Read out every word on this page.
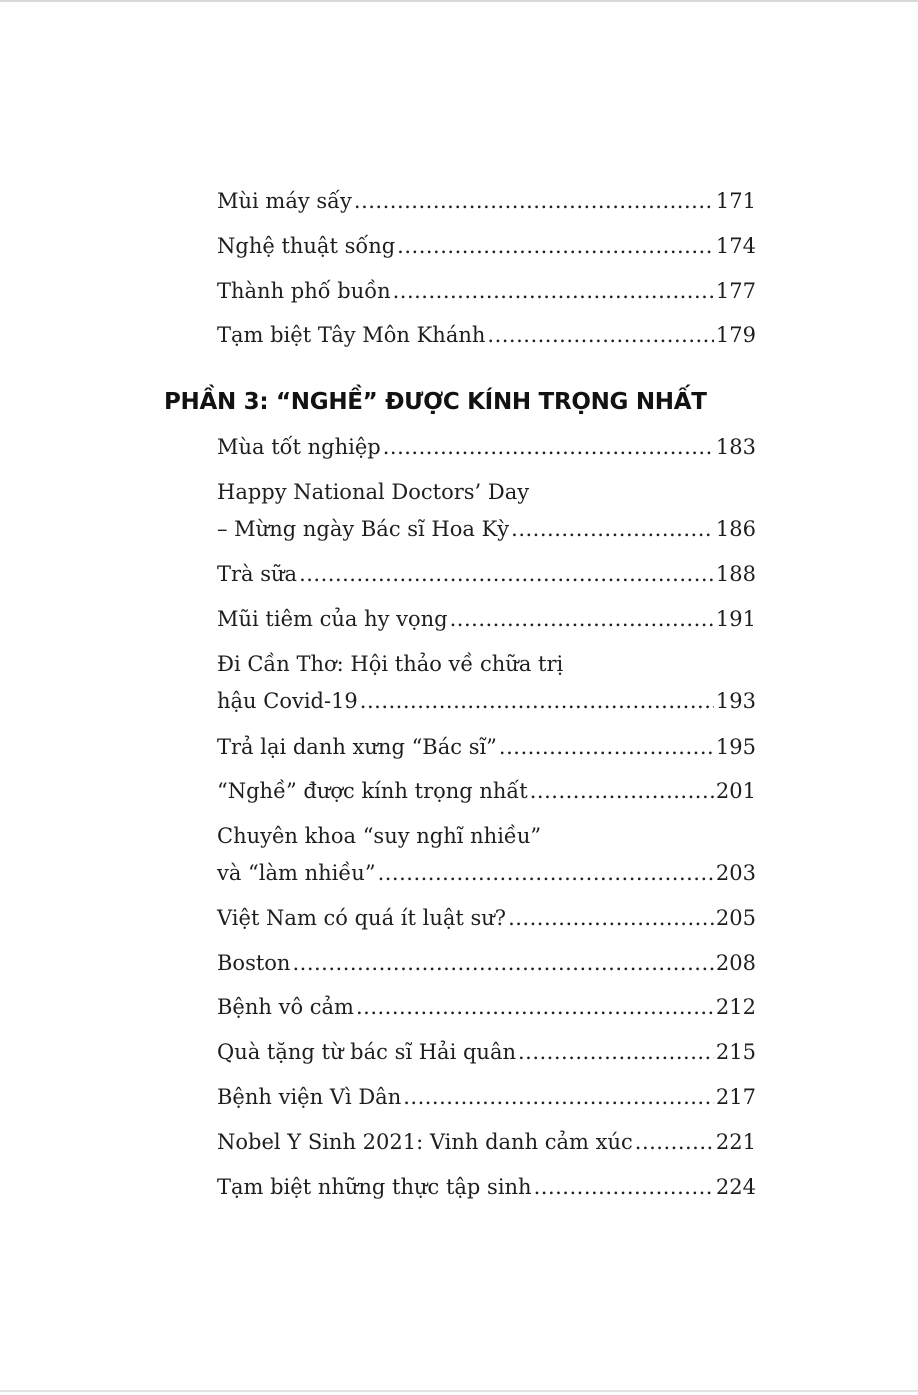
Mùi máy sấy .....	171
Nghệ thuật sống .....	174
Thành phố buồn .....	177
Tạm biệt Tây Môn Khánh .....	179
PHẦN 3: “NGHỀ” ĐƯỢC KÍNH TRỌNG NHẤT
Mùa tốt nghiệp .....	183
Happy National Doctors’ Day
– Mừng ngày Bác sĩ Hoa Kỳ .....	186
Trà sữa .....	188
Mũi tiêm của hy vọng .....	191
Đi Cần Thơ: Hội thảo về chữa trị
hậu Covid-19 .....	193
Trả lại danh xưng “Bác sĩ” .....	195
“Nghề” được kính trọng nhất .....	201
Chuyên khoa “suy nghĩ nhiều”
và “làm nhiều” .....	203
Việt Nam có quá ít luật sư? .....	205
Boston .....	208
Bệnh vô cảm .....	212
Quà tặng từ bác sĩ Hải quân .....	215
Bệnh viện Vì Dân .....	217
Nobel Y Sinh 2021: Vinh danh cảm xúc .....	221
Tạm biệt những thực tập sinh .....	224
